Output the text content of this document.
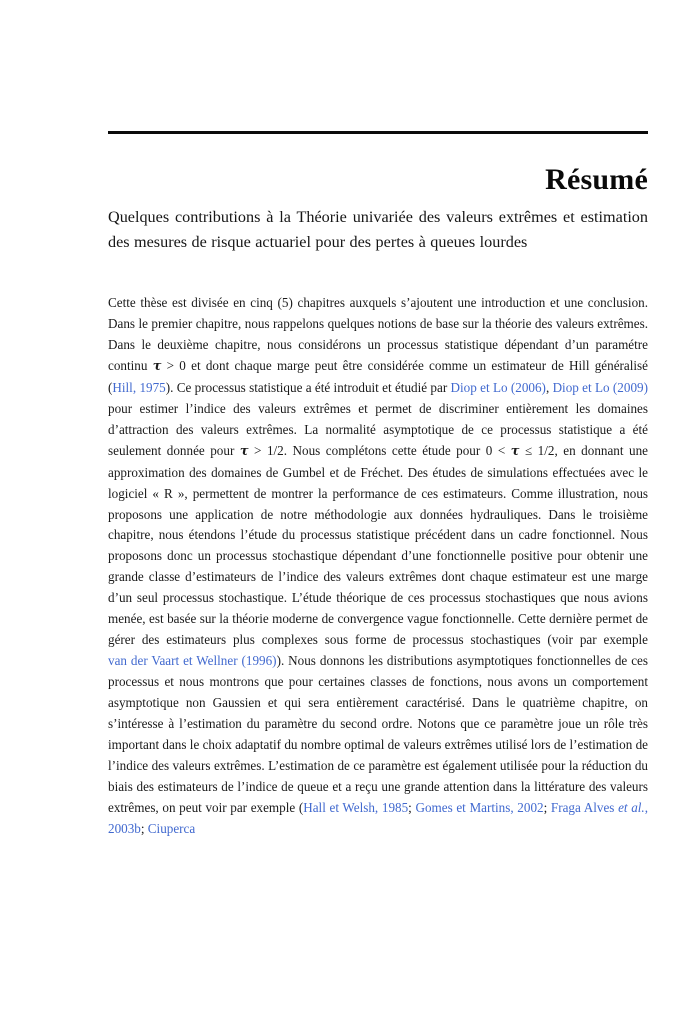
Résumé
Quelques contributions à la Théorie univariée des valeurs extrêmes et estimation des mesures de risque actuariel pour des pertes à queues lourdes

Cette thèse est divisée en cinq (5) chapitres auxquels s’ajoutent une introduction et une conclusion. Dans le premier chapitre, nous rappelons quelques notions de base sur la théorie des valeurs extrêmes. Dans le deuxième chapitre, nous considérons un processus statistique dépendant d’un paramétre continu τ > 0 et dont chaque marge peut être considérée comme un estimateur de Hill généralisé (Hill, 1975). Ce processus statistique a été introduit et étudié par Diop et Lo (2006), Diop et Lo (2009) pour estimer l’indice des valeurs extrêmes et permet de discriminer entièrement les domaines d’attraction des valeurs extrêmes. La normalité asymptotique de ce processus statistique a été seulement donnée pour τ > 1/2. Nous complétons cette étude pour 0 < τ ≤ 1/2, en donnant une approximation des domaines de Gumbel et de Fréchet. Des études de simulations effectuées avec le logiciel « R », permettent de montrer la performance de ces estimateurs. Comme illustration, nous proposons une application de notre méthodologie aux données hydrauliques. Dans le troisième chapitre, nous étendons l’étude du processus statistique précédent dans un cadre fonctionnel. Nous proposons donc un processus stochastique dépendant d’une fonctionnelle positive pour obtenir une grande classe d’estimateurs de l’indice des valeurs extrêmes dont chaque estimateur est une marge d’un seul processus stochastique. L’étude théorique de ces processus stochastiques que nous avions menée, est basée sur la théorie moderne de convergence vague fonctionnelle. Cette dernière permet de gérer des estimateurs plus complexes sous forme de processus stochastiques (voir par exemple van der Vaart et Wellner (1996)). Nous donnons les distributions asymptotiques fonctionnelles de ces processus et nous montrons que pour certaines classes de fonctions, nous avons un comportement asymptotique non Gaussien et qui sera entièrement caractérisé. Dans le quatrième chapitre, on s’intéresse à l’estimation du paramètre du second ordre. Notons que ce paramètre joue un rôle très important dans le choix adaptatif du nombre optimal de valeurs extrêmes utilisé lors de l’estimation de l’indice des valeurs extrêmes. L’estimation de ce paramètre est également utilisée pour la réduction du biais des estimateurs de l’indice de queue et a reçu une grande attention dans la littérature des valeurs extrêmes, on peut voir par exemple (Hall et Welsh, 1985; Gomes et Martins, 2002; Fraga Alves et al., 2003b; Ciuperca
